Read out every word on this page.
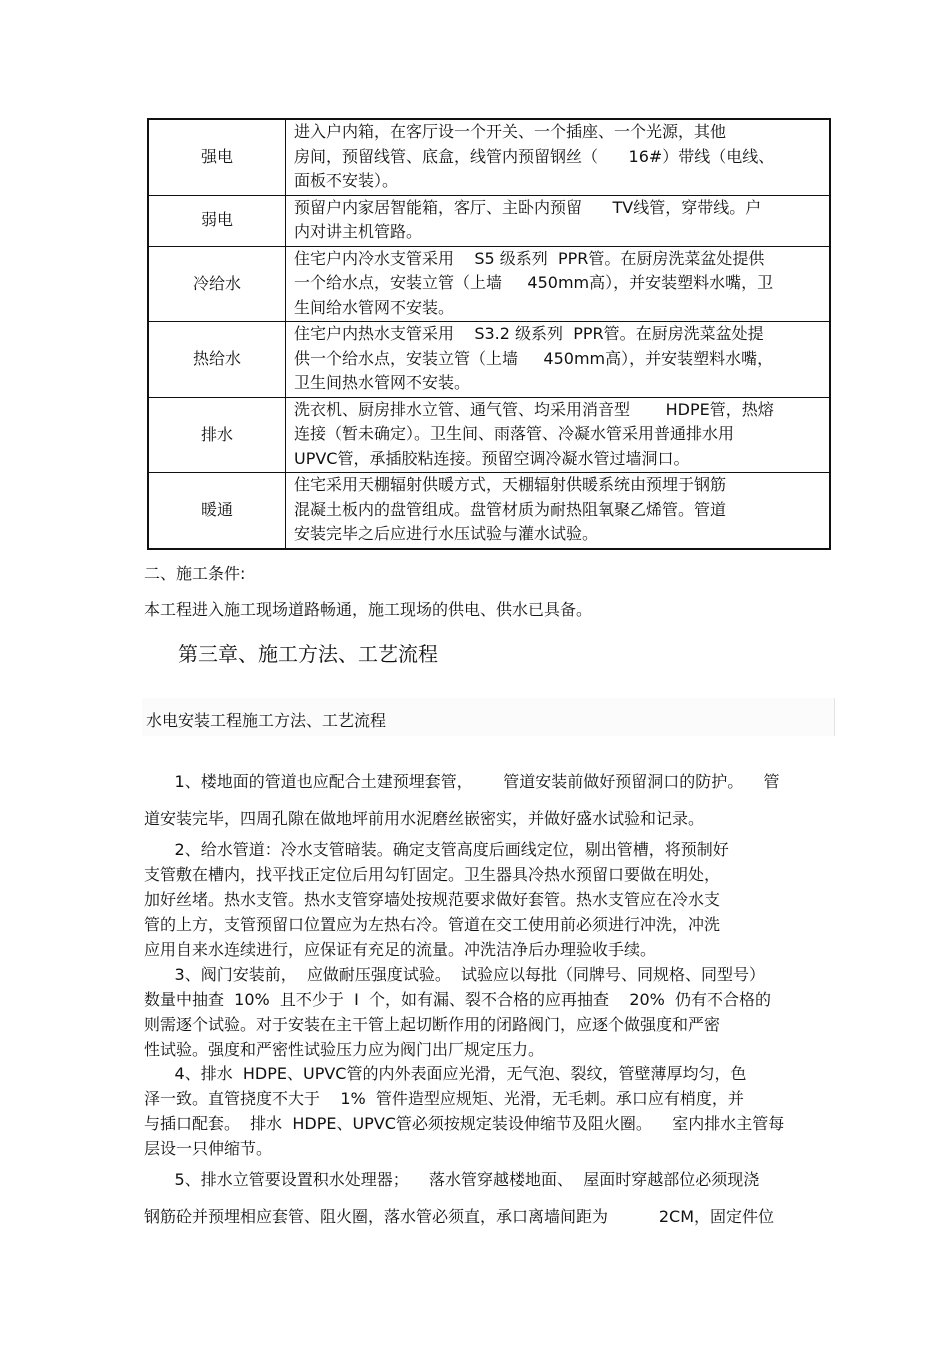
强电	进入户内箱，在客厅设一个开关、一个插座、一个光源，其他
房间，预留线管、底盒，线管内预留钢丝（      16#）带线（电线、
面板不安装）。

弱电	预留户内家居智能箱，客厅、主卧内预留      TV线管，穿带线。户
内对讲主机管路。

冷给水	住宅户内冷水支管采用    S5 级系列  PPR管。在厨房洗菜盆处提供
一个给水点，安装立管（上墙     450mm高），并安装塑料水嘴，卫
生间给水管网不安装。

热给水	住宅户内热水支管采用    S3.2 级系列  PPR管。在厨房洗菜盆处提
供一个给水点，安装立管（上墙     450mm高），并安装塑料水嘴，
卫生间热水管网不安装。

排水	洗衣机、厨房排水立管、通气管、均采用消音型       HDPE管，热熔
连接（暂未确定）。卫生间、雨落管、冷凝水管采用普通排水用
UPVC管，承插胶粘连接。预留空调冷凝水管过墙洞口。

暖通	住宅采用天棚辐射供暖方式，天棚辐射供暖系统由预埋于钢筋
混凝土板内的盘管组成。盘管材质为耐热阻氧聚乙烯管。管道
安装完毕之后应进行水压试验与灌水试验。
二、施工条件:
本工程进入施工现场道路畅通，施工现场的供电、供水已具备。
第三章、施工方法、工艺流程
水电安装工程施工方法、工艺流程
1、楼地面的管道也应配合土建预埋套管，      管道安装前做好预留洞口的防护。    管
道安装完毕，四周孔隙在做地坪前用水泥磨丝嵌密实，并做好盛水试验和记录。
2、给水管道：冷水支管暗装。确定支管高度后画线定位，剔出管槽，将预制好
支管敷在槽内，找平找正定位后用勾钉固定。卫生器具冷热水预留口要做在明处，
加好丝堵。热水支管。热水支管穿墙处按规范要求做好套管。热水支管应在冷水支
管的上方，支管预留口位置应为左热右冷。管道在交工使用前必须进行冲洗，冲洗
应用自来水连续进行，应保证有充足的流量。冲洗洁净后办理验收手续。
3、阀门安装前，  应做耐压强度试验。  试验应以每批（同牌号、同规格、同型号）
数量中抽查  10%  且不少于  I  个，如有漏、裂不合格的应再抽查    20%  仍有不合格的
则需逐个试验。对于安装在主干管上起切断作用的闭路阀门，应逐个做强度和严密
性试验。强度和严密性试验压力应为阀门出厂规定压力。
4、排水  HDPE、UPVC管的内外表面应光滑，无气泡、裂纹，管壁薄厚均匀，色
泽一致。直管挠度不大于    1%  管件造型应规矩、光滑，无毛刺。承口应有梢度，并
与插口配套。  排水  HDPE、UPVC管必须按规定装设伸缩节及阻火圈。    室内排水主管每
层设一只伸缩节。
5、排水立管要设置积水处理器；    落水管穿越楼地面、  屋面时穿越部位必须现浇
钢筋砼并预埋相应套管、阻火圈，落水管必须直，承口离墙间距为          2CM，固定件位
